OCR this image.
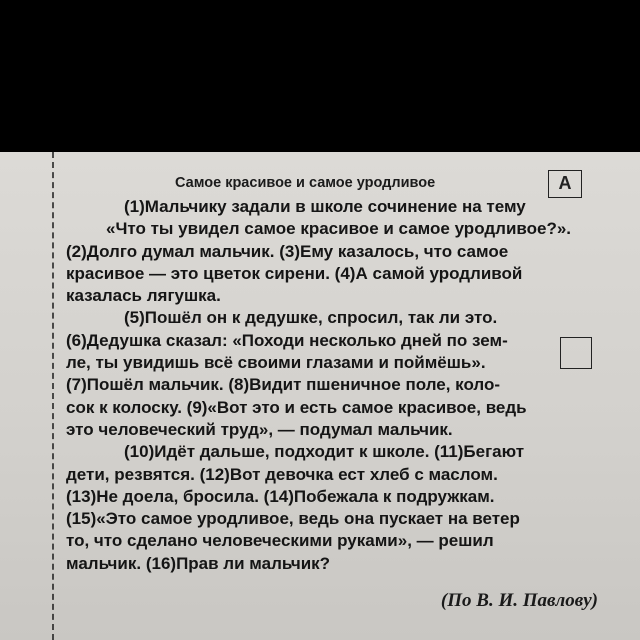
A
Самое красивое и самое уродливое
(1)Мальчику задали в школе сочинение на тему
«Что ты увидел самое красивое и самое уродливое?».
(2)Долго думал мальчик. (3)Ему казалось, что самое
красивое — это цветок сирени. (4)А самой уродливой
казалась лягушка.
(5)Пошёл он к дедушке, спросил, так ли это.
(6)Дедушка сказал: «Походи несколько дней по зем-
ле, ты увидишь всё своими глазами и поймёшь».
(7)Пошёл мальчик. (8)Видит пшеничное поле, коло-
сок к колоску. (9)«Вот это и есть самое красивое, ведь
это человеческий труд», — подумал мальчик.
(10)Идёт дальше, подходит к школе. (11)Бегают
дети, резвятся. (12)Вот девочка ест хлеб с маслом.
(13)Не доела, бросила. (14)Побежала к подружкам.
(15)«Это самое уродливое, ведь она пускает на ветер
то, что сделано человеческими руками», — решил
мальчик. (16)Прав ли мальчик?
(По В. И. Павлову)
